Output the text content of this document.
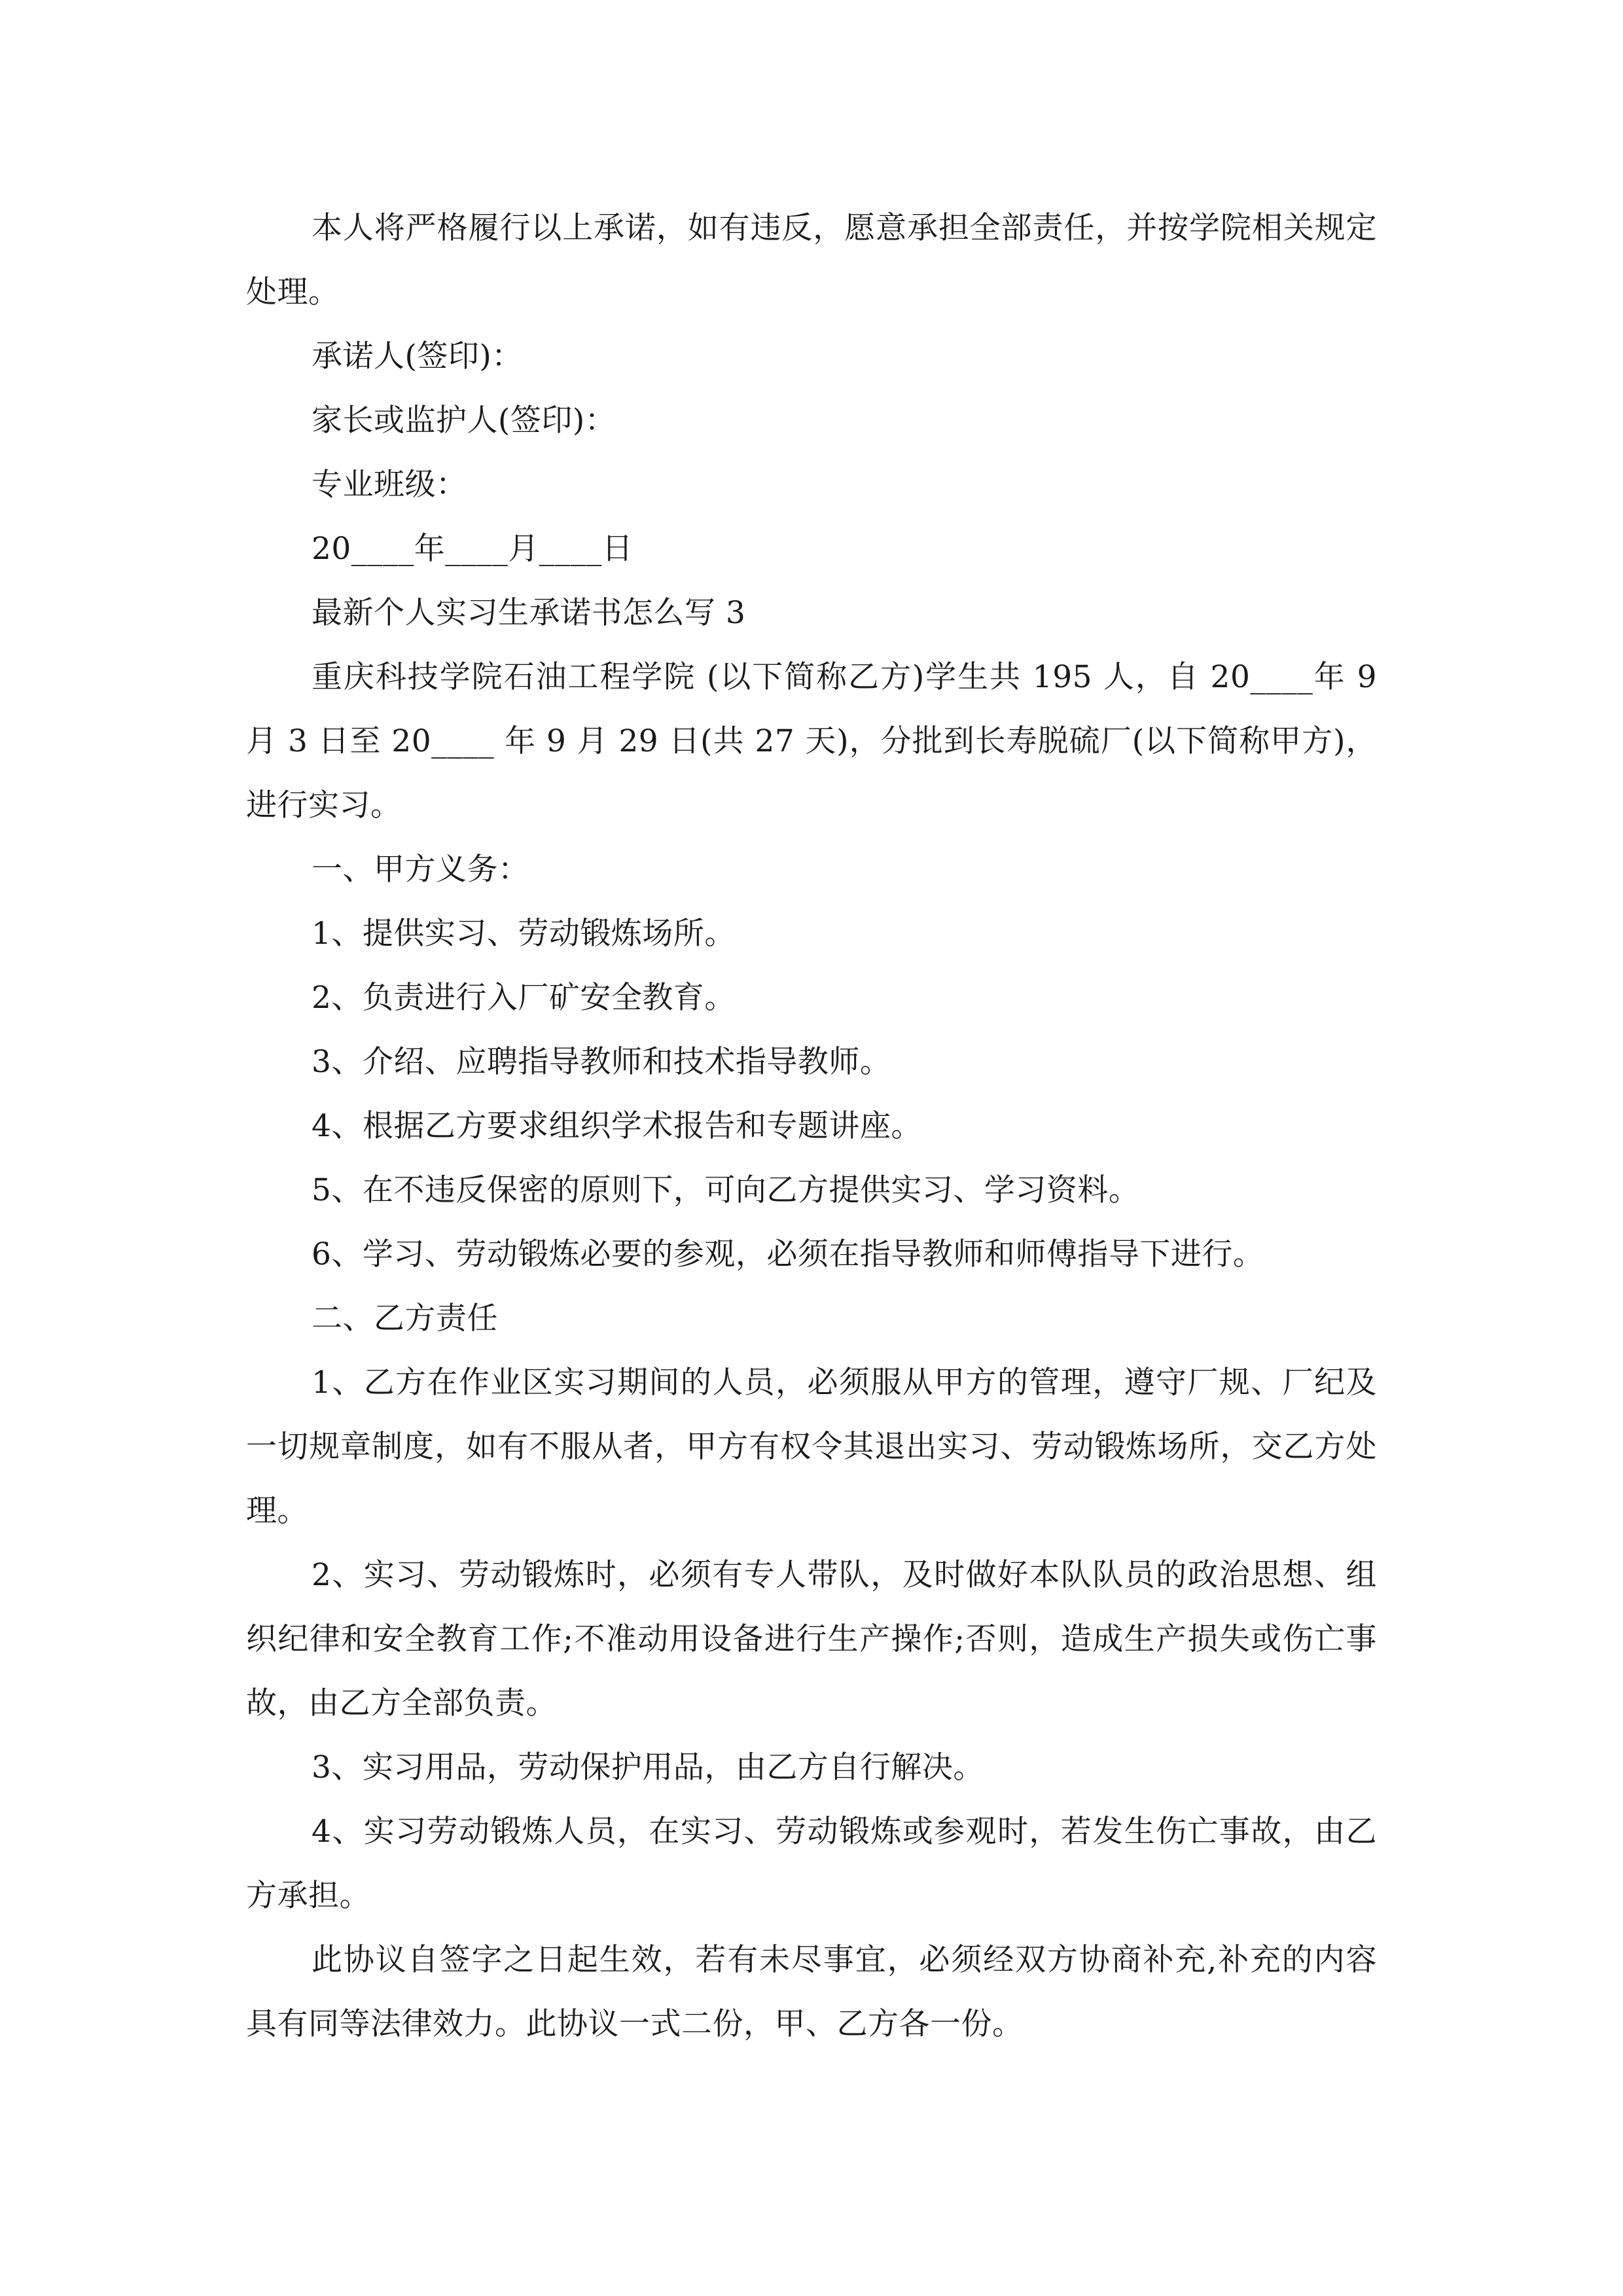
本人将严格履行以上承诺，如有违反，愿意承担全部责任，并按学院相关规定处理。

承诺人(签印)：

家长或监护人(签印)：

专业班级：

20____年____月____日

最新个人实习生承诺书怎么写 3

重庆科技学院石油工程学院 (以下简称乙方)学生共 195 人，自 20____年 9 月 3 日至 20____ 年 9 月 29 日(共 27 天)，分批到长寿脱硫厂(以下简称甲方)，进行实习。

一、甲方义务：

1、提供实习、劳动锻炼场所。

2、负责进行入厂矿安全教育。

3、介绍、应聘指导教师和技术指导教师。

4、根据乙方要求组织学术报告和专题讲座。

5、在不违反保密的原则下，可向乙方提供实习、学习资料。

6、学习、劳动锻炼必要的参观，必须在指导教师和师傅指导下进行。

二、乙方责任

1、乙方在作业区实习期间的人员，必须服从甲方的管理，遵守厂规、厂纪及一切规章制度，如有不服从者，甲方有权令其退出实习、劳动锻炼场所，交乙方处理。

2、实习、劳动锻炼时，必须有专人带队，及时做好本队队员的政治思想、组织纪律和安全教育工作;不准动用设备进行生产操作;否则，造成生产损失或伤亡事故，由乙方全部负责。

3、实习用品，劳动保护用品，由乙方自行解决。

4、实习劳动锻炼人员，在实习、劳动锻炼或参观时，若发生伤亡事故，由乙方承担。

此协议自签字之日起生效，若有未尽事宜，必须经双方协商补充,补充的内容具有同等法律效力。此协议一式二份，甲、乙方各一份。
